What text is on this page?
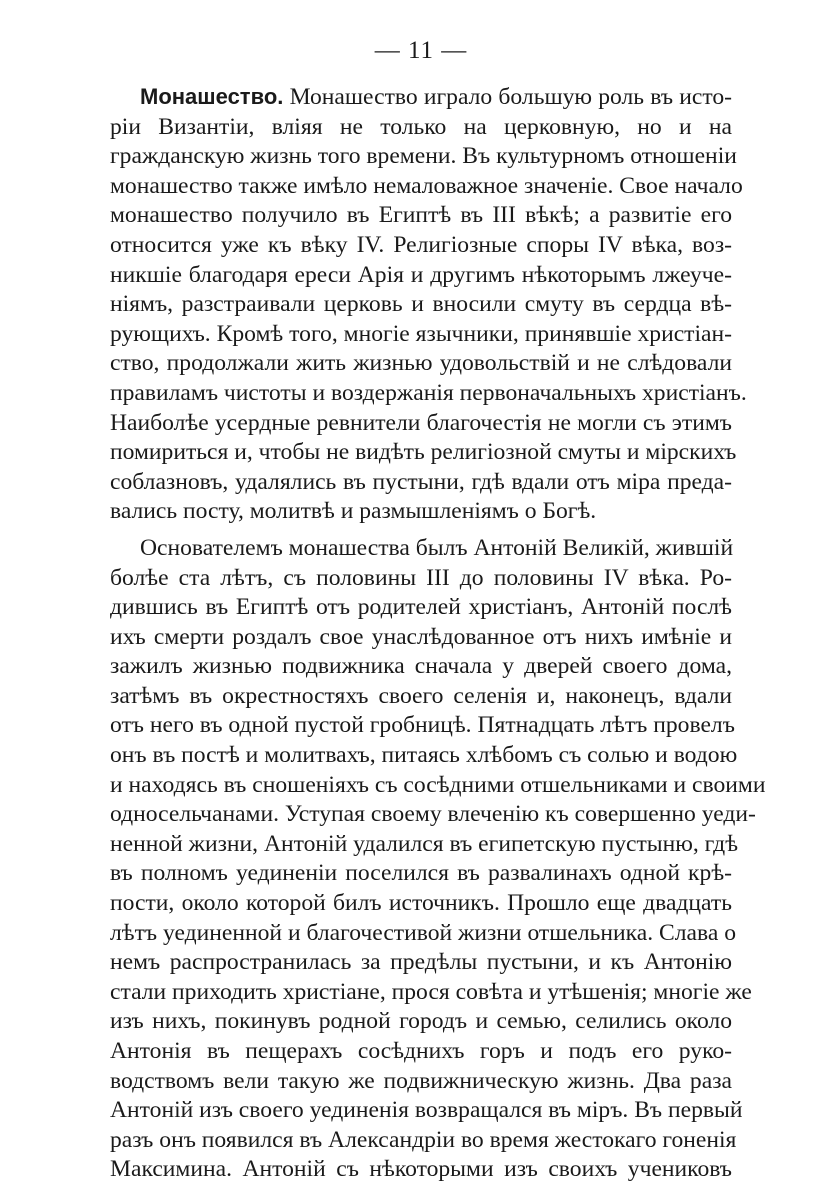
— 11 —
Монашество. Монашество играло большую роль въ исто-
ріи Византіи, вліяя не только на церковную, но и на
гражданскую жизнь того времени. Въ культурномъ отношеніи
монашество также имѣло немаловажное значеніе. Свое начало
монашество получило въ Египтѣ въ III вѣкѣ; а развитіе его
относится уже къ вѣку IV. Религіозные споры IV вѣка, воз-
никшіе благодаря ереси Арія и другимъ нѣкоторымъ лжеуче-
ніямъ, разстраивали церковь и вносили смуту въ сердца вѣ-
рующихъ. Кромѣ того, многіе язычники, принявшіе христіан-
ство, продолжали жить жизнью удовольствій и не слѣдовали
правиламъ чистоты и воздержанія первоначальныхъ христіанъ.
Наиболѣе усердные ревнители благочестія не могли съ этимъ
помириться и, чтобы не видѣть религіозной смуты и мірскихъ
соблазновъ, удалялись въ пустыни, гдѣ вдали отъ міра преда-
вались посту, молитвѣ и размышленіямъ о Богѣ.
Основателемъ монашества былъ Антоній Великій, жившій
болѣе ста лѣтъ, съ половины III до половины IV вѣка. Ро-
дившись въ Египтѣ отъ родителей христіанъ, Антоній послѣ
ихъ смерти роздалъ свое унаслѣдованное отъ нихъ имѣніе и
зажилъ жизнью подвижника сначала у дверей своего дома,
затѣмъ въ окрестностяхъ своего селенія и, наконецъ, вдали
отъ него въ одной пустой гробницѣ. Пятнадцать лѣтъ провелъ
онъ въ постѣ и молитвахъ, питаясь хлѣбомъ съ солью и водою
и находясь въ сношеніяхъ съ сосѣдними отшельниками и своими
односельчанами. Уступая своему влеченію къ совершенно уеди-
ненной жизни, Антоній удалился въ египетскую пустыню, гдѣ
въ полномъ уединеніи поселился въ развалинахъ одной крѣ-
пости, около которой билъ источникъ. Прошло еще двадцать
лѣтъ уединенной и благочестивой жизни отшельника. Слава о
немъ распространилась за предѣлы пустыни, и къ Антонію
стали приходить христіане, прося совѣта и утѣшенія; многіе же
изъ нихъ, покинувъ родной городъ и семью, селились около
Антонія въ пещерахъ сосѣднихъ горъ и подъ его руко-
водствомъ вели такую же подвижническую жизнь. Два раза
Антоній изъ своего уединенія возвращался въ міръ. Въ первый
разъ онъ появился въ Александріи во время жестокаго гоненія
Максимина. Антоній съ нѣкоторыми изъ своихъ учениковъ
